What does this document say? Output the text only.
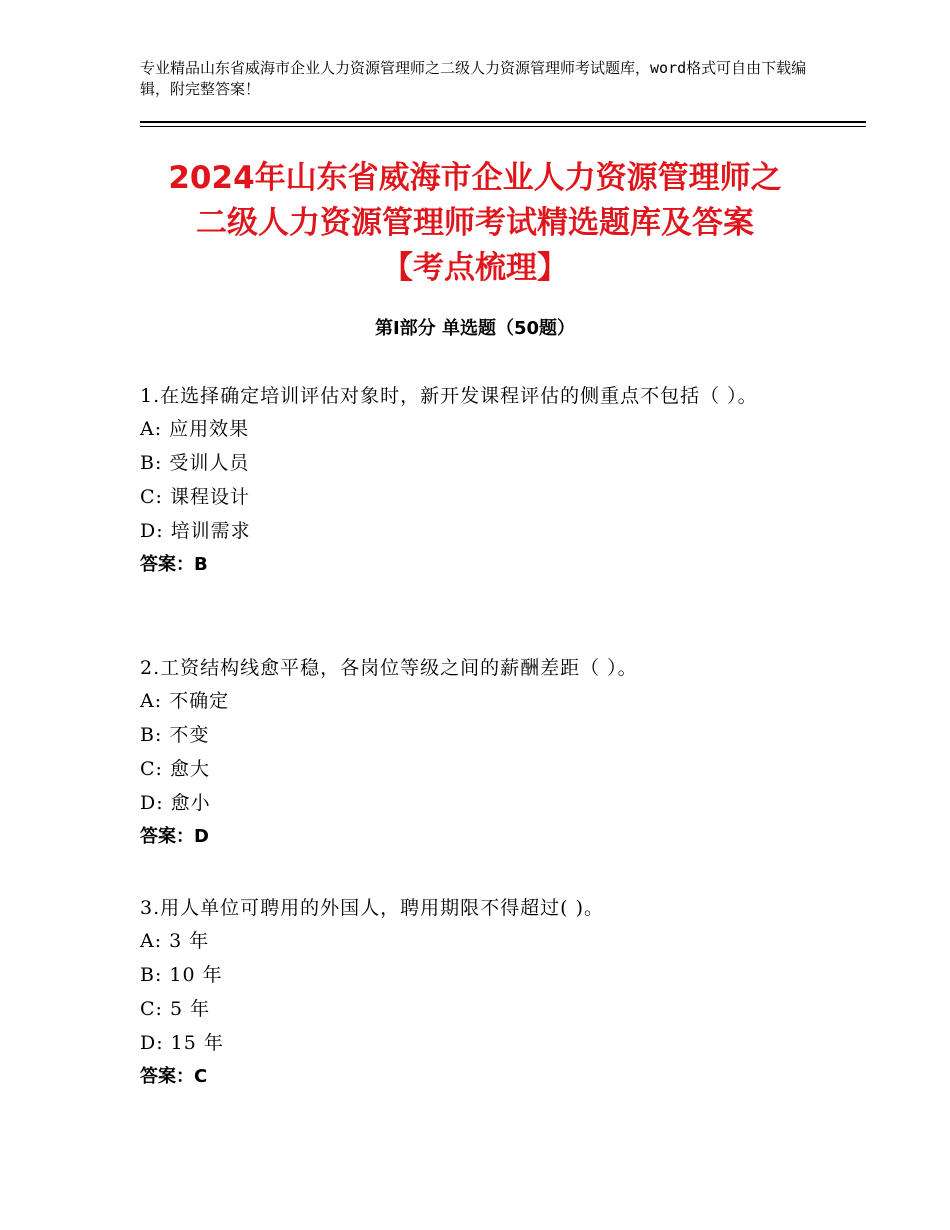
专业精品山东省威海市企业人力资源管理师之二级人力资源管理师考试题库，word格式可自由下载编辑，附完整答案！
2024年山东省威海市企业人力资源管理师之
二级人力资源管理师考试精选题库及答案
【考点梳理】
第Ⅰ部分 单选题（50题）
1.在选择确定培训评估对象时，新开发课程评估的侧重点不包括（ ）。
A: 应用效果
B: 受训人员
C: 课程设计
D: 培训需求
答案：B
2.工资结构线愈平稳，各岗位等级之间的薪酬差距（ ）。
A: 不确定
B: 不变
C: 愈大
D: 愈小
答案：D
3.用人单位可聘用的外国人，聘用期限不得超过( )。
A: 3 年
B: 10 年
C: 5 年
D: 15 年
答案：C
